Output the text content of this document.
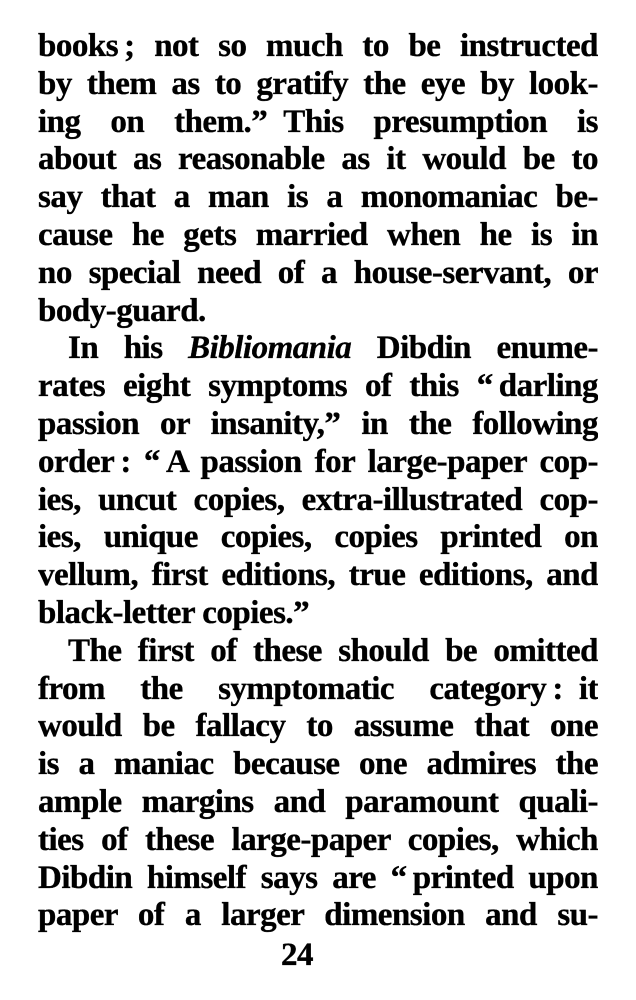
books ; not so much to be instructed
by them as to gratify the eye by look-
ing on them.” This presumption is
about as reasonable as it would be to
say that a man is a monomaniac be-
cause he gets married when he is in
no special need of a house-servant, or
body-guard.
In his Bibliomania Dibdin enume-
rates eight symptoms of this “ darling
passion or insanity,” in the following
order : “ A passion for large-paper cop-
ies, uncut copies, extra-illustrated cop-
ies, unique copies, copies printed on
vellum, first editions, true editions, and
black-letter copies.”
The first of these should be omitted
from the symptomatic category : it
would be fallacy to assume that one
is a maniac because one admires the
ample margins and paramount quali-
ties of these large-paper copies, which
Dibdin himself says are “ printed upon
paper of a larger dimension and su-
24
